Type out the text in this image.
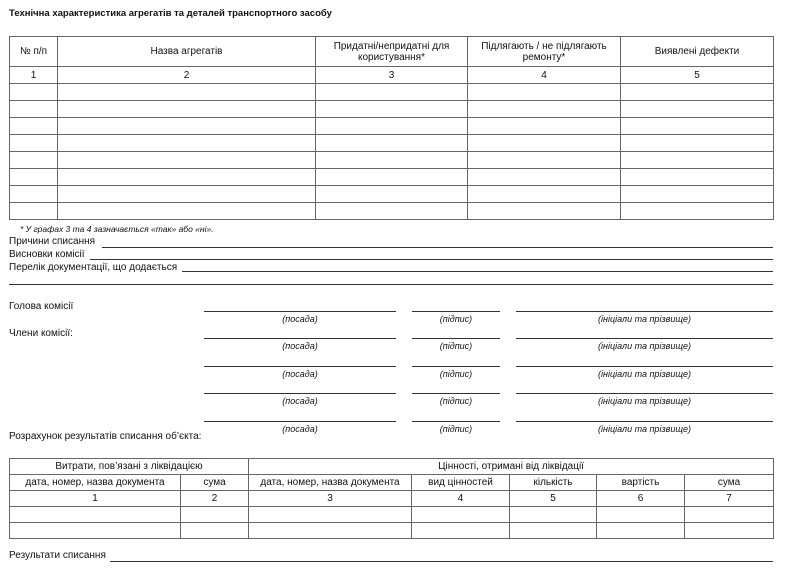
Технічна характеристика агрегатів та деталей транспортного засобу
№ п/п	Назва агрегатів	Придатні/непридатні для користування*	Підлягають / не підлягають ремонту*	Виявлені дефекти
1	2	3	4	5

* У графах 3 та 4 зазначається «так» або «ні».
Причини списання
Висновки комісії
Перелік документації, що додається
Голова комісії
Члени комісії:
(посада)	(підпис)	(ініціали та прізвище)
(посада)	(підпис)	(ініціали та прізвище)
(посада)	(підпис)	(ініціали та прізвище)
(посада)	(підпис)	(ініціали та прізвище)
(посада)	(підпис)	(ініціали та прізвище)
Розрахунок результатів списання об’єкта:
Витрати, пов’язані з ліквідацією		Цінності, отримані від ліквідації				
дата, номер, назва документа	сума	дата, номер, назва документа	вид цінностей	кількість	вартість	сума
1	2	3	4	5	6	7

Результати списання
